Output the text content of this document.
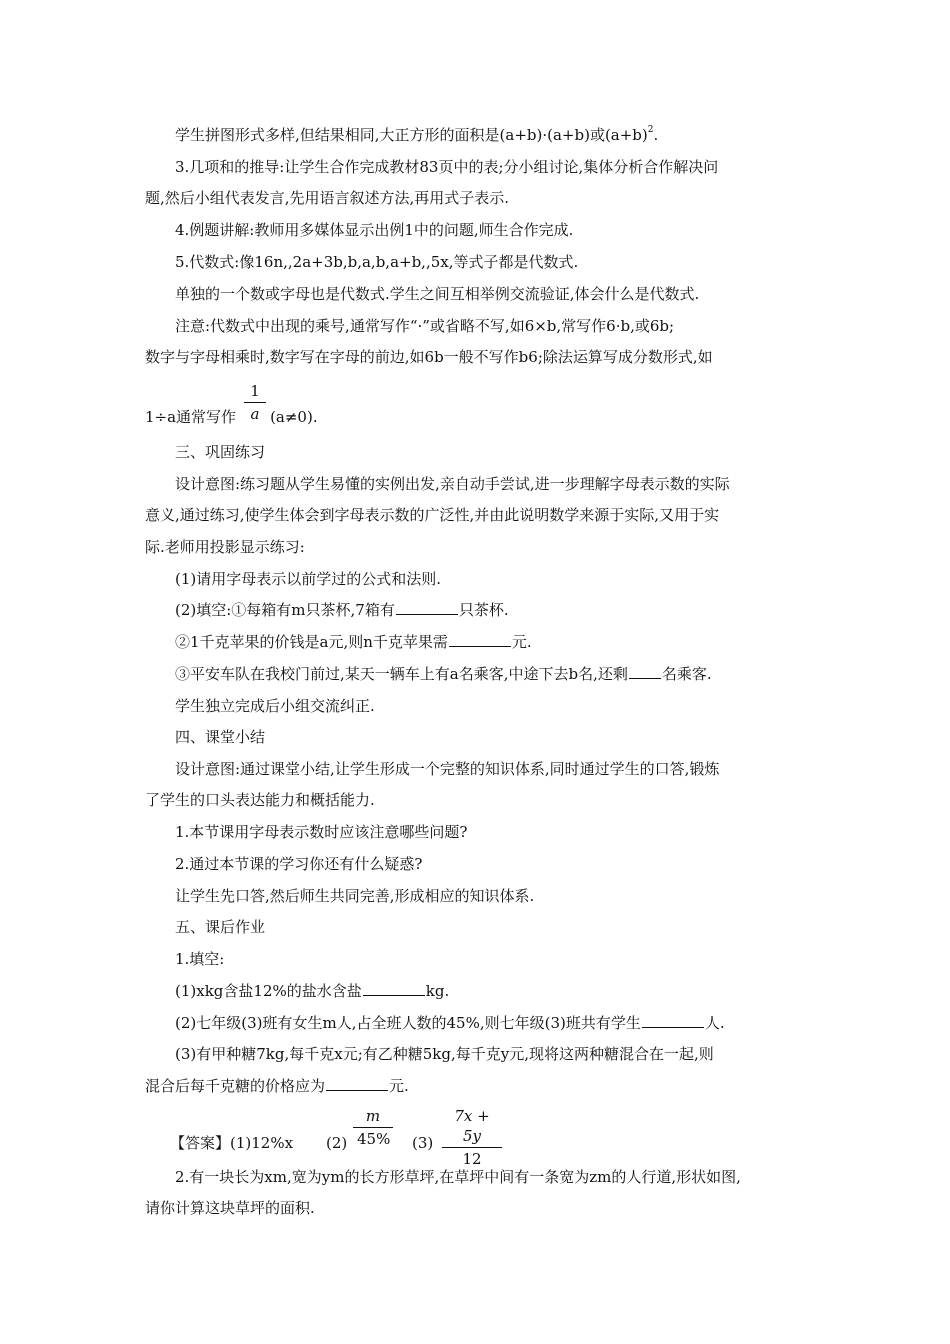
学生拼图形式多样,但结果相同,大正方形的面积是(a+b)·(a+b)或$(a+b)^2$.
3.几项和的推导:让学生合作完成教材83页中的表;分小组讨论,集体分析合作解决问
题,然后小组代表发言,先用语言叙述方法,再用式子表示.
4.例题讲解:教师用多媒体显示出例1中的问题,师生合作完成.
5.代数式:像16n,,2a+3b,b,a,b,a+b,,5x,等式子都是代数式.
单独的一个数或字母也是代数式.学生之间互相举例交流验证,体会什么是代数式.
注意:代数式中出现的乘号,通常写作“·”或省略不写,如6×b,常写作6·b,或6b;
数字与字母相乘时,数字写在字母的前边,如6b一般不写作b6;除法运算写成分数形式,如
1÷a通常写作 (a≠0).
1
a
三、巩固练习
设计意图:练习题从学生易懂的实例出发,亲自动手尝试,进一步理解字母表示数的实际
意义,通过练习,使学生体会到字母表示数的广泛性,并由此说明数学来源于实际,又用于实
际.老师用投影显示练习:
(1)请用字母表示以前学过的公式和法则.
(2)填空:①每箱有m只茶杯,7箱有	只茶杯.
②1千克苹果的价钱是a元,则n千克苹果需	元.
③平安车队在我校门前过,某天一辆车上有a名乘客,中途下去b名,还剩 名乘客.
学生独立完成后小组交流纠正.
四、课堂小结
设计意图:通过课堂小结,让学生形成一个完整的知识体系,同时通过学生的口答,锻炼
了学生的口头表达能力和概括能力.
1.本节课用字母表示数时应该注意哪些问题?
2.通过本节课的学习你还有什么疑惑?
让学生先口答,然后师生共同完善,形成相应的知识体系.
五、课后作业
1.填空:
(1)xkg含盐12%的盐水含盐	kg.
(2)七年级(3)班有女生m人,占全班人数的45%,则七年级(3)班共有学生	人.
(3)有甲种糖7kg,每千克x元;有乙种糖5kg,每千克y元,现将这两种糖混合在一起,则
混合后每千克糖的价格应为	元.
【答案】(1)12%x (2)
m
45% (3)
7x + 5y
12
2.有一块长为xm,宽为ym的长方形草坪,在草坪中间有一条宽为zm的人行道,形状如图,
请你计算这块草坪的面积.
